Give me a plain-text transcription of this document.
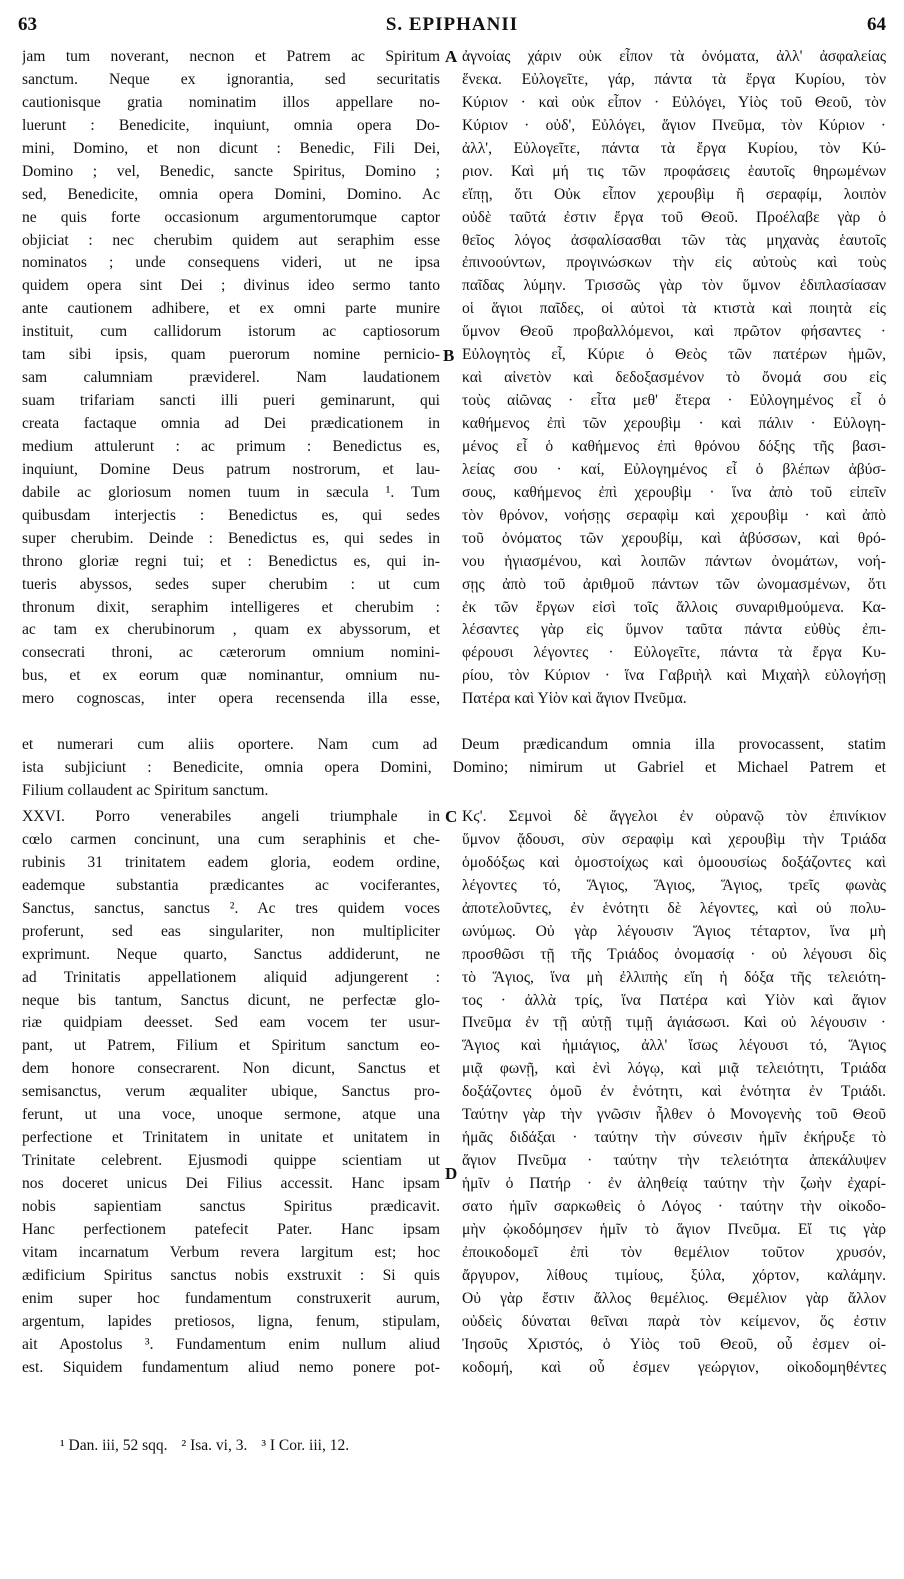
63	S. EPIPHANII	64
jam tum noverant, necnon et Patrem ac Spiritum
sanctum. Neque ex ignorantia, sed securitatis
cautionisque gratia nominatim illos appellare no-
luerunt : Benedicite, inquiunt, omnia opera Do-
mini, Domino, et non dicunt : Benedic, Fili Dei,
Domino ; vel, Benedic, sancte Spiritus, Domino ;
sed, Benedicite, omnia opera Domini, Domino. Ac
ne quis forte occasionum argumentorumque captor
objiciat : nec cherubim quidem aut seraphim esse
nominatos ; unde consequens videri, ut ne ipsa
quidem opera sint Dei ; divinus ideo sermo tanto
ante cautionem adhibere, et ex omni parte munire
instituit, cum callidorum istorum ac captiosorum
tam sibi ipsis, quam puerorum nomine pernicio-
sam calumniam præviderel. Nam laudationem
suam trifariam sancti illi pueri geminarunt, qui
creata factaque omnia ad Dei prædicationem in
medium attulerunt : ac primum : Benedictus es,
inquiunt, Domine Deus patrum nostrorum, et lau-
dabile ac gloriosum nomen tuum in sæcula ¹. Tum
quibusdam interjectis : Benedictus es, qui sedes
super cherubim. Deinde : Benedictus es, qui sedes in
throno gloriæ regni tui; et : Benedictus es, qui in-
tueris abyssos, sedes super cherubim : ut cum
thronum dixit, seraphim intelligeres et cherubim :
ac tam ex cherubinorum , quam ex abyssorum, et
consecrati throni, ac cæterorum omnium nomini-
bus, et ex eorum quæ nominantur, omnium nu-
mero cognoscas, inter opera recensenda illa esse,
ἀγνοίας χάριν οὐκ εἶπον τὰ ὀνόματα, ἀλλ' ἀσφαλείας
ἕνεκα. Εὐλογεῖτε, γάρ, πάντα τὰ ἔργα Κυρίου, τὸν
Κύριον · καὶ οὐκ εἶπον · Εὐλόγει, Υἱὸς τοῦ Θεοῦ, τὸν
Κύριον · οὐδ', Εὐλόγει, ἅγιον Πνεῦμα, τὸν Κύριον ·
ἀλλ', Εὐλογεῖτε, πάντα τὰ ἔργα Κυρίου, τὸν Κύ-
ριον. Καὶ μή τις τῶν προφάσεις ἑαυτοῖς θηρωμένων
εἴπῃ, ὅτι Οὐκ εἶπον χερουβὶμ ἢ σεραφίμ, λοιπὸν
οὐδὲ ταῦτά ἐστιν ἔργα τοῦ Θεοῦ. Προέλαβε γὰρ ὁ
θεῖος λόγος ἀσφαλίσασθαι τῶν τὰς μηχανὰς ἑαυτοῖς
ἐπινοούντων, προγινώσκων τὴν εἰς αὐτοὺς καὶ τοὺς
παῖδας λύμην. Τρισσῶς γὰρ τὸν ὕμνον ἐδιπλασίασαν
οἱ ἅγιοι παῖδες, οἱ αὐτοὶ τὰ κτιστὰ καὶ ποιητὰ εἰς
ὕμνον Θεοῦ προβαλλόμενοι, καὶ πρῶτον φήσαντες ·
Εὐλογητὸς εἶ, Κύριε ὁ Θεὸς τῶν πατέρων ἡμῶν,
καὶ αἰνετὸν καὶ δεδοξασμένον τὸ ὄνομά σου εἰς
τοὺς αἰῶνας · εἶτα μεθ' ἕτερα · Εὐλογημένος εἶ ὁ
καθήμενος ἐπὶ τῶν χερουβὶμ · καὶ πάλιν · Εὐλογη-
μένος εἶ ὁ καθήμενος ἐπὶ θρόνου δόξης τῆς βασι-
λείας σου · καί, Εὐλογημένος εἶ ὁ βλέπων ἀβύσ-
σους, καθήμενος ἐπὶ χερουβὶμ · ἵνα ἀπὸ τοῦ εἰπεῖν
τὸν θρόνον, νοήσῃς σεραφὶμ καὶ χερουβὶμ · καὶ ἀπὸ
τοῦ ὀνόματος τῶν χερουβίμ, καὶ ἀβύσσων, καὶ θρό-
νου ἡγιασμένου, καὶ λοιπῶν πάντων ὀνομάτων, νοή-
σῃς ἀπὸ τοῦ ἀριθμοῦ πάντων τῶν ὠνομασμένων, ὅτι
ἐκ τῶν ἔργων εἰσὶ τοῖς ἄλλοις συναριθμούμενα. Κα-
λέσαντες γὰρ εἰς ὕμνον ταῦτα πάντα εὐθὺς ἐπι-
φέρουσι λέγοντες · Εὐλογεῖτε, πάντα τὰ ἔργα Κυ-
ρίου, τὸν Κύριον · ἵνα Γαβριὴλ καὶ Μιχαὴλ εὐλογήσῃ
Πατέρα καὶ Υἱὸν καὶ ἅγιον Πνεῦμα.
A
B
C
D
et numerari cum aliis oportere. Nam cum ad Deum prædicandum omnia illa provocassent, statim
ista subjiciunt : Benedicite, omnia opera Domini, Domino; nimirum ut Gabriel et Michael Patrem et
Filium collaudent ac Spiritum sanctum.
XXVI. Porro venerabiles angeli triumphale in
cœlo carmen concinunt, una cum seraphinis et che-
rubinis 31 trinitatem eadem gloria, eodem ordine,
eademque substantia prædicantes ac vociferantes,
Sanctus, sanctus, sanctus ². Ac tres quidem voces
proferunt, sed eas singulariter, non multipliciter
exprimunt. Neque quarto, Sanctus addiderunt, ne
ad Trinitatis appellationem aliquid adjungerent :
neque bis tantum, Sanctus dicunt, ne perfectæ glo-
riæ quidpiam deesset. Sed eam vocem ter usur-
pant, ut Patrem, Filium et Spiritum sanctum eo-
dem honore consecrarent. Non dicunt, Sanctus et
semisanctus, verum æqualiter ubique, Sanctus pro-
ferunt, ut una voce, unoque sermone, atque una
perfectione et Trinitatem in unitate et unitatem in
Trinitate celebrent. Ejusmodi quippe scientiam ut
nos doceret unicus Dei Filius accessit. Hanc ipsam
nobis sapientiam sanctus Spiritus prædicavit.
Hanc perfectionem patefecit Pater. Hanc ipsam
vitam incarnatum Verbum revera largitum est; hoc
ædificium Spiritus sanctus nobis exstruxit : Si quis
enim super hoc fundamentum construxerit aurum,
argentum, lapides pretiosos, ligna, fenum, stipulam,
ait Apostolus ³. Fundamentum enim nullum aliud
est. Siquidem fundamentum aliud nemo ponere pot-
Κϛ'. Σεμνοὶ δὲ ἄγγελοι ἐν οὐρανῷ τὸν ἐπινίκιον
ὕμνον ᾄδουσι, σὺν σεραφὶμ καὶ χερουβὶμ τὴν Τριάδα
ὁμοδόξως καὶ ὁμοστοίχως καὶ ὁμοουσίως δοξάζοντες καὶ
λέγοντες τό, Ἅγιος, Ἅγιος, Ἅγιος, τρεῖς φωνὰς
ἀποτελοῦντες, ἐν ἑνότητι δὲ λέγοντες, καὶ οὐ πολυ-
ωνύμως. Οὐ γὰρ λέγουσιν Ἅγιος τέταρτον, ἵνα μὴ
προσθῶσι τῇ τῆς Τριάδος ὀνομασίᾳ · οὐ λέγουσι δὶς
τὸ Ἅγιος, ἵνα μὴ ἐλλιπὴς εἴη ἡ δόξα τῆς τελειότη-
τος · ἀλλὰ τρίς, ἵνα Πατέρα καὶ Υἱὸν καὶ ἅγιον
Πνεῦμα ἐν τῇ αὐτῇ τιμῇ ἁγιάσωσι. Καὶ οὐ λέγουσιν ·
Ἅγιος καὶ ἡμιάγιος, ἀλλ' ἴσως λέγουσι τό, Ἅγιος
μιᾷ φωνῇ, καὶ ἑνὶ λόγῳ, καὶ μιᾷ τελειότητι, Τριάδα
δοξάζοντες ὁμοῦ ἐν ἑνότητι, καὶ ἑνότητα ἐν Τριάδι.
Ταύτην γὰρ τὴν γνῶσιν ἦλθεν ὁ Μονογενὴς τοῦ Θεοῦ
ἡμᾶς διδάξαι · ταύτην τὴν σύνεσιν ἡμῖν ἐκήρυξε τὸ
ἅγιον Πνεῦμα · ταύτην τὴν τελειότητα ἀπεκάλυψεν
ἡμῖν ὁ Πατήρ · ἐν ἀληθείᾳ ταύτην τὴν ζωὴν ἐχαρί-
σατο ἡμῖν σαρκωθεὶς ὁ Λόγος · ταύτην τὴν οἰκοδο-
μὴν ᾠκοδόμησεν ἡμῖν τὸ ἅγιον Πνεῦμα. Εἴ τις γὰρ
ἐποικοδομεῖ ἐπὶ τὸν θεμέλιον τοῦτον χρυσόν,
ἄργυρον, λίθους τιμίους, ξύλα, χόρτον, καλάμην.
Οὐ γὰρ ἔστιν ἄλλος θεμέλιος. Θεμέλιον γὰρ ἄλλον
οὐδεὶς δύναται θεῖναι παρὰ τὸν κείμενον, ὅς ἐστιν
Ἰησοῦς Χριστός, ὁ Υἱὸς τοῦ Θεοῦ, οὗ ἐσμεν οἰ-
κοδομή, καὶ οὗ ἐσμεν γεώργιον, οἰκοδομηθέντες
¹ Dan. iii, 52 sqq. ² Isa. vi, 3. ³ I Cor. iii, 12.
